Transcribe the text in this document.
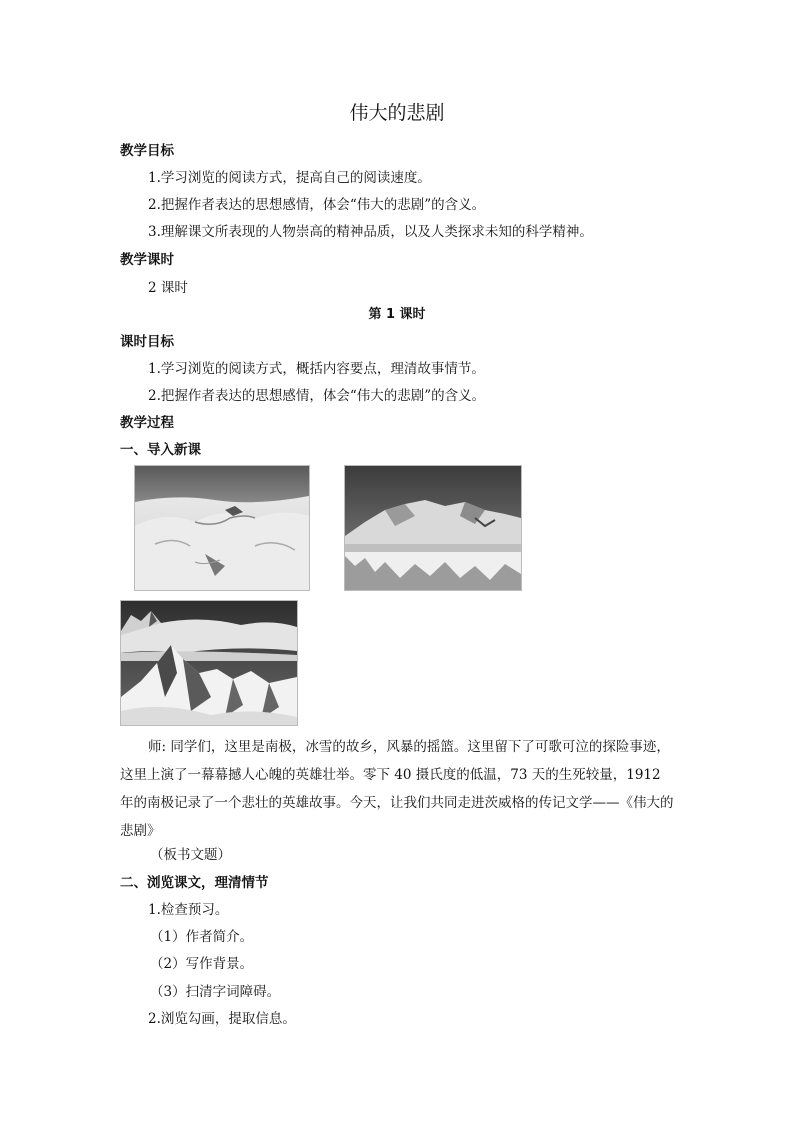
伟大的悲剧
教学目标
1.学习浏览的阅读方式，提高自己的阅读速度。
2.把握作者表达的思想感情，体会“伟大的悲剧”的含义。
3.理解课文所表现的人物崇高的精神品质，以及人类探求未知的科学精神。
教学课时
2 课时
第 1 课时
课时目标
1.学习浏览的阅读方式，概括内容要点，理清故事情节。
2.把握作者表达的思想感情，体会“伟大的悲剧”的含义。
教学过程
一、导入新课
师: 同学们，这里是南极，冰雪的故乡，风暴的摇篮。这里留下了可歌可泣的探险事迹，这里上演了一幕幕撼人心魄的英雄壮举。零下 40 摄氏度的低温，73 天的生死较量，1912 年的南极记录了一个悲壮的英雄故事。今天，让我们共同走进茨威格的传记文学——《伟大的悲剧》
（板书文题）
二、浏览课文，理清情节
1.检查预习。
（1）作者简介。
（2）写作背景。
（3）扫清字词障碍。
2.浏览勾画，提取信息。
